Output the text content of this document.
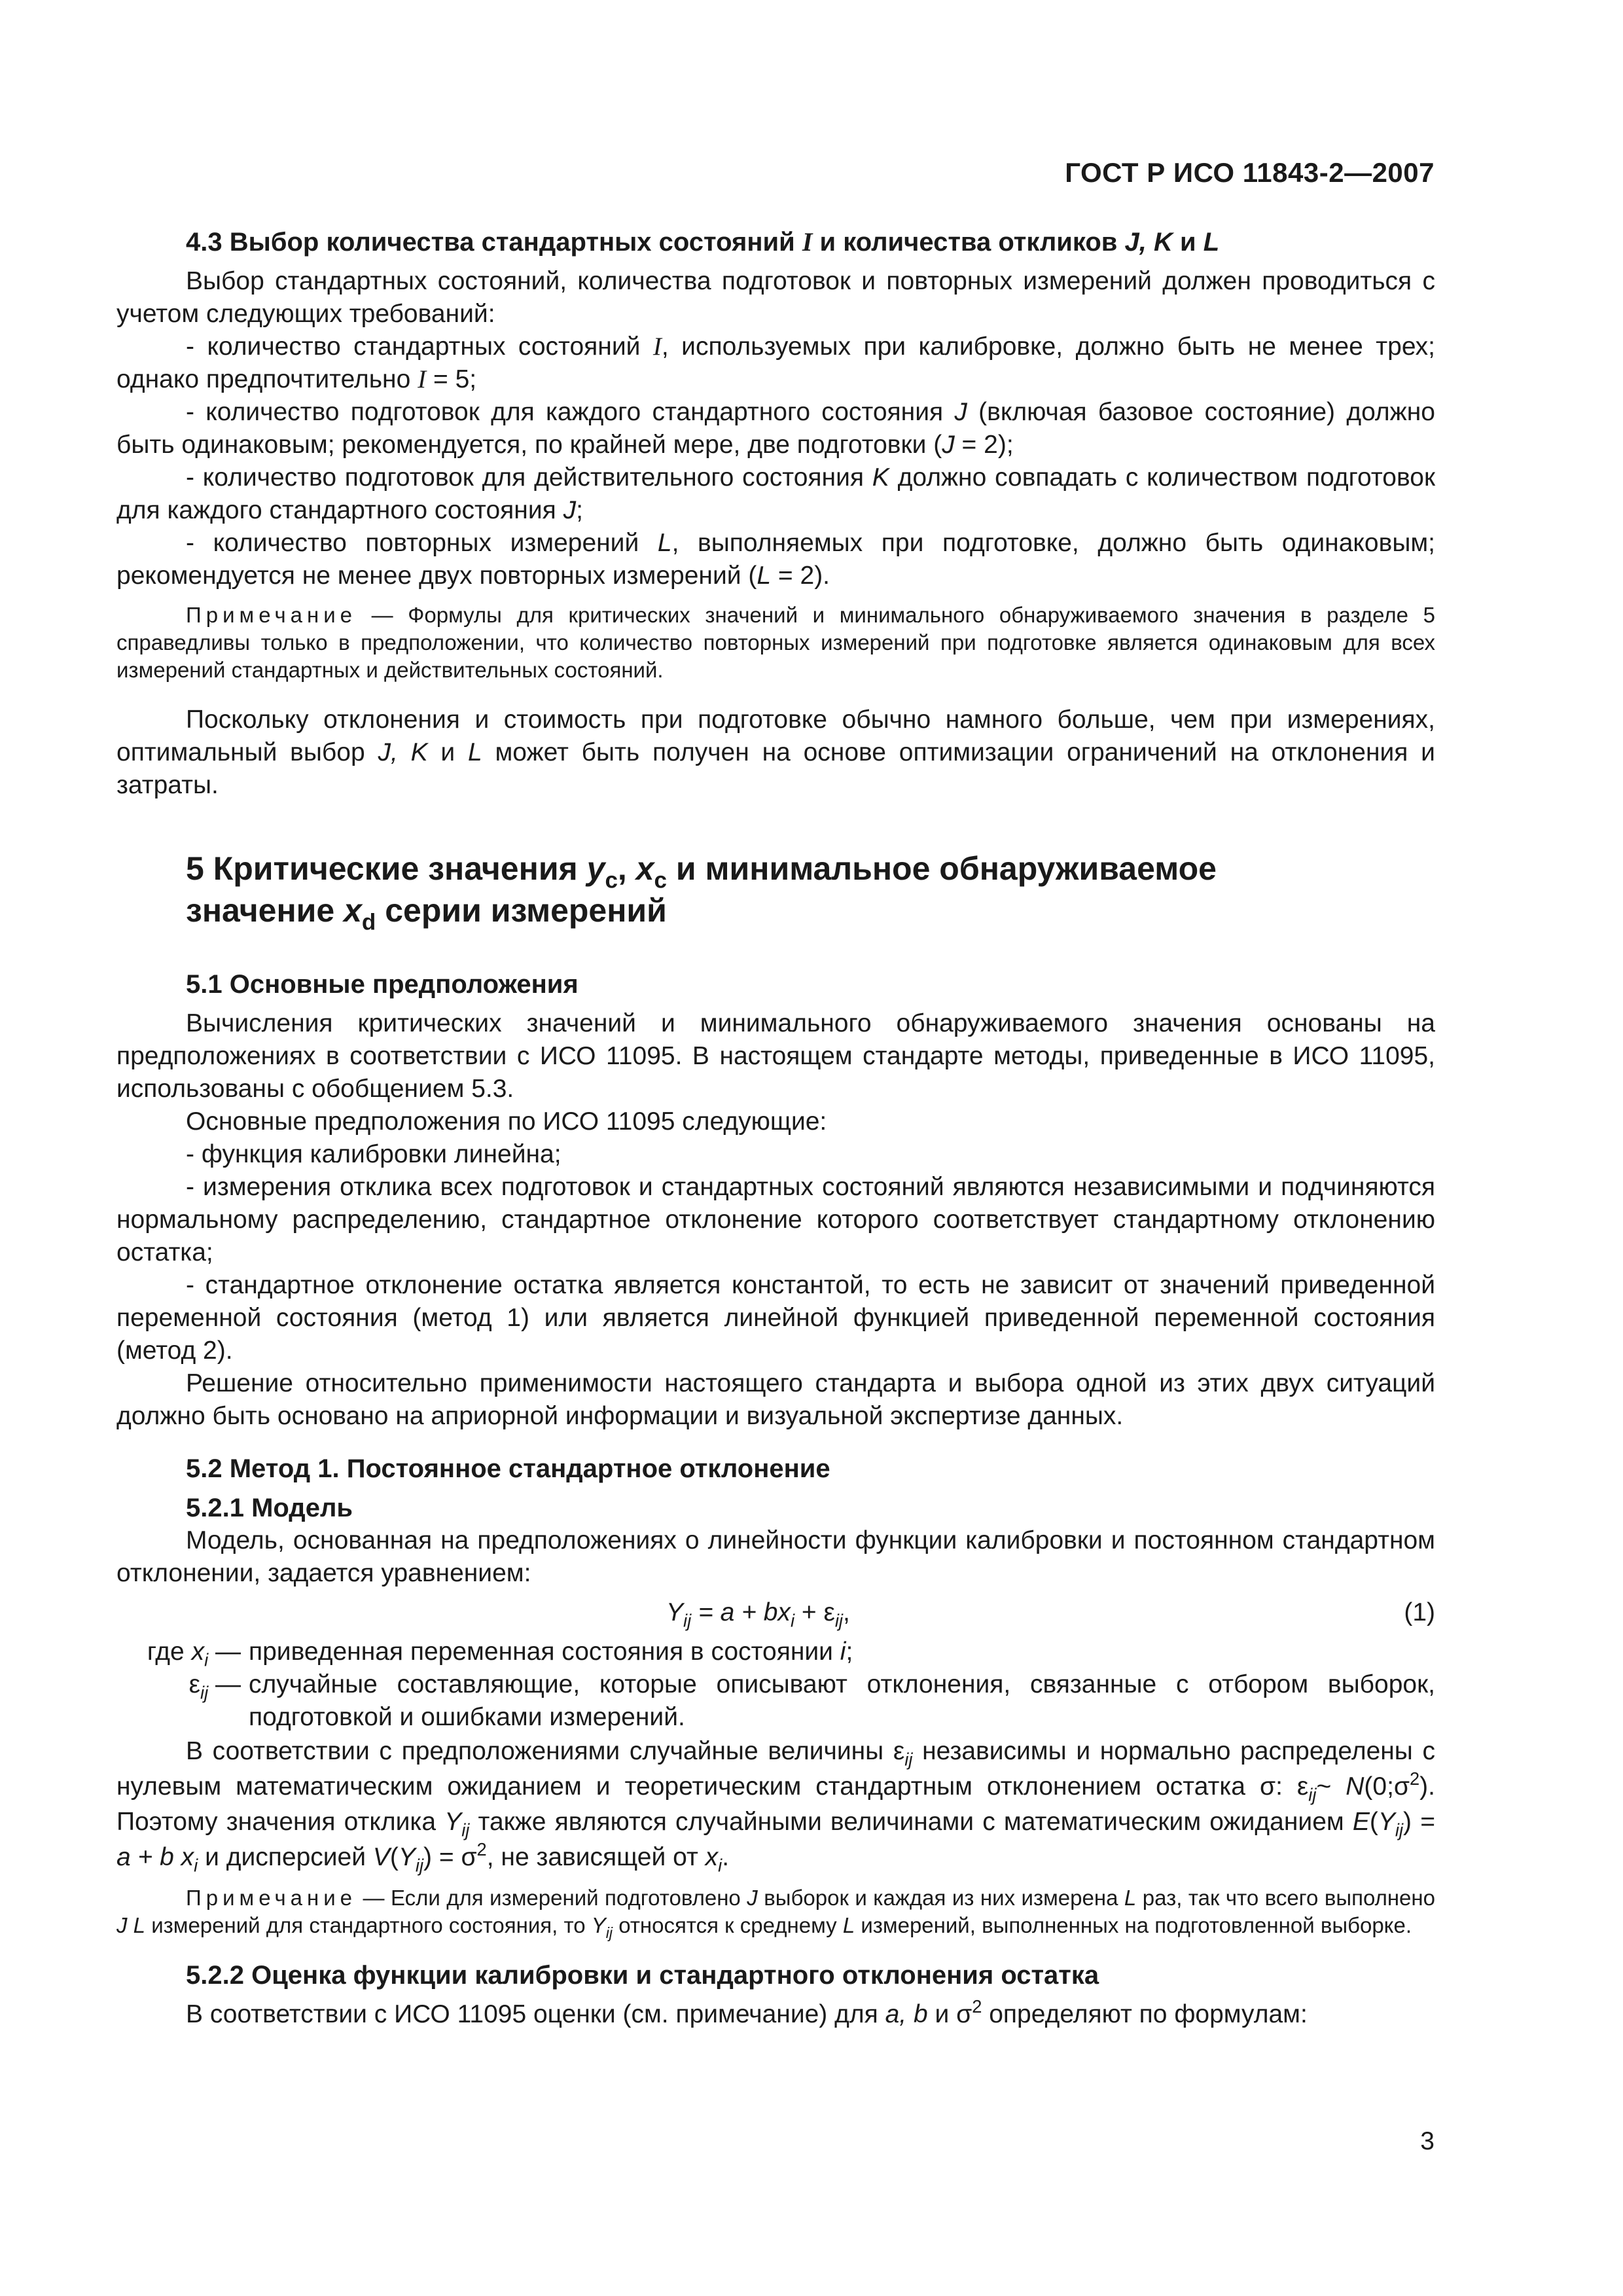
ГОСТ Р ИСО 11843-2—2007
4.3 Выбор количества стандартных состояний I и количества откликов J, K и L

Выбор стандартных состояний, количества подготовок и повторных измерений должен проводиться с учетом следующих требований:

- количество стандартных состояний I, используемых при калибровке, должно быть не менее трех; однако предпочтительно I = 5;

- количество подготовок для каждого стандартного состояния J (включая базовое состояние) должно быть одинаковым; рекомендуется, по крайней мере, две подготовки (J = 2);

- количество подготовок для действительного состояния K должно совпадать с количеством подготовок для каждого стандартного состояния J;

- количество повторных измерений L, выполняемых при подготовке, должно быть одинаковым; рекомендуется не менее двух повторных измерений (L = 2).

Примечание — Формулы для критических значений и минимального обнаруживаемого значения в разделе 5 справедливы только в предположении, что количество повторных измерений при подготовке является одинаковым для всех измерений стандартных и действительных состояний.

Поскольку отклонения и стоимость при подготовке обычно намного больше, чем при измерениях, оптимальный выбор J, K и L может быть получен на основе оптимизации ограничений на отклонения и затраты.

5 Критические значения $y_c$, $x_c$ и минимальное обнаруживаемое
значение $x_d$ серии измерений
5.1 Основные предположения

Вычисления критических значений и минимального обнаруживаемого значения основаны на предположениях в соответствии с ИСО 11095. В настоящем стандарте методы, приведенные в ИСО 11095, использованы с обобщением 5.3.

Основные предположения по ИСО 11095 следующие:

- функция калибровки линейна;

- измерения отклика всех подготовок и стандартных состояний являются независимыми и подчиняются нормальному распределению, стандартное отклонение которого соответствует стандартному отклонению остатка;

- стандартное отклонение остатка является константой, то есть не зависит от значений приведенной переменной состояния (метод 1) или является линейной функцией приведенной переменной состояния (метод 2).

Решение относительно применимости настоящего стандарта и выбора одной из этих двух ситуаций должно быть основано на априорной информации и визуальной экспертизе данных.

5.2 Метод 1. Постоянное стандартное отклонение
5.2.1 Модель

Модель, основанная на предположениях о линейности функции калибровки и постоянном стандартном отклонении, задается уравнением:

$Y_{ij} = a + bx_i + \varepsilon_{ij}$,	(1)
где $x_i$ — приведенная переменная состояния в состоянии i;
$\varepsilon_{ij}$ — случайные составляющие, которые описывают отклонения, связанные с отбором выборок, подготовкой и ошибками измерений.

В соответствии с предположениями случайные величины $\varepsilon_{ij}$ независимы и нормально распределены с нулевым математическим ожиданием и теоретическим стандартным отклонением остатка σ: $\varepsilon_{ij}\sim$ $N(0;\sigma^2)$. Поэтому значения отклика $Y_{ij}$ также являются случайными величинами с математическим ожиданием $E(Y_{ij}) = a + b$ $x_i$ и дисперсией $V(Y_{ij}) = \sigma^2$, не зависящей от $x_i$.

Примечание — Если для измерений подготовлено J выборок и каждая из них измерена L раз, так что всего выполнено J L измерений для стандартного состояния, то $Y_{ij}$ относятся к среднему L измерений, выполненных на подготовленной выборке.

5.2.2 Оценка функции калибровки и стандартного отклонения остатка

В соответствии с ИСО 11095 оценки (см. примечание) для a, b и $\sigma^2$ определяют по формулам:

3
